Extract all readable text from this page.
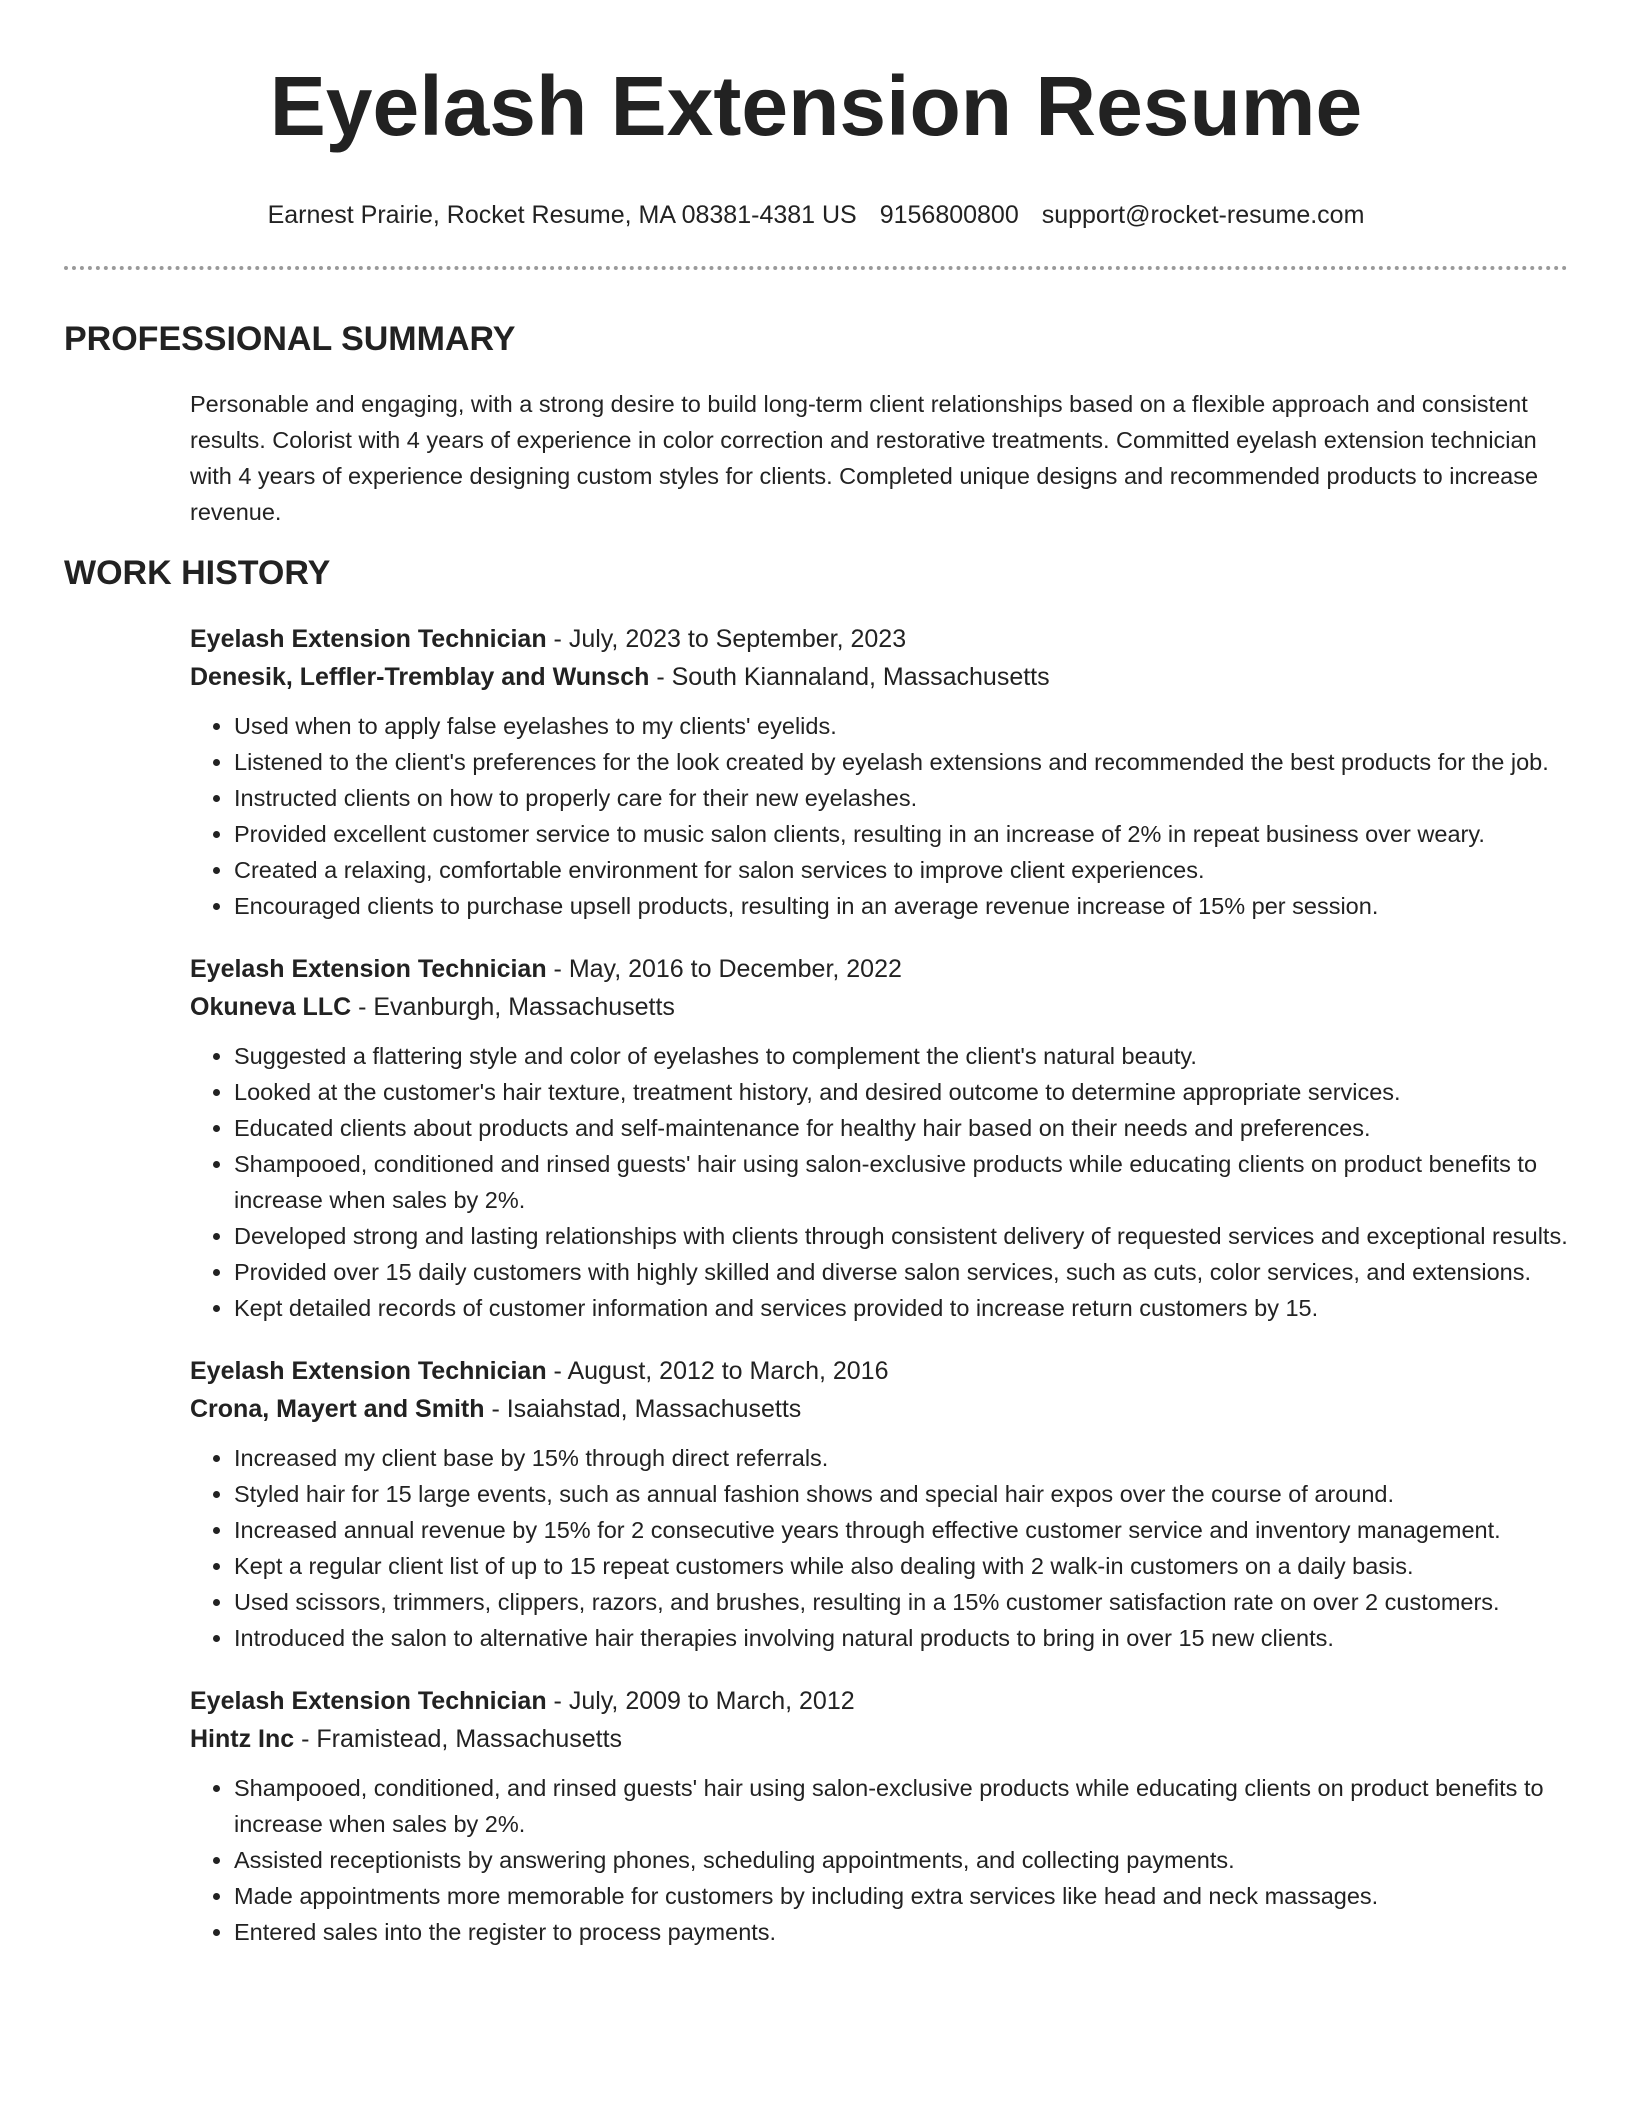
Eyelash Extension Resume
Earnest Prairie, Rocket Resume, MA 08381-4381 US 9156800800 support@rocket-resume.com
PROFESSIONAL SUMMARY
Personable and engaging, with a strong desire to build long-term client relationships based on a flexible approach and consistent results. Colorist with 4 years of experience in color correction and restorative treatments. Committed eyelash extension technician with 4 years of experience designing custom styles for clients. Completed unique designs and recommended products to increase revenue.
WORK HISTORY
Eyelash Extension Technician - July, 2023 to September, 2023
Denesik, Leffler-Tremblay and Wunsch - South Kiannaland, Massachusetts
• Used when to apply false eyelashes to my clients' eyelids.
• Listened to the client's preferences for the look created by eyelash extensions and recommended the best products for the job.
• Instructed clients on how to properly care for their new eyelashes.
• Provided excellent customer service to music salon clients, resulting in an increase of 2% in repeat business over weary.
• Created a relaxing, comfortable environment for salon services to improve client experiences.
• Encouraged clients to purchase upsell products, resulting in an average revenue increase of 15% per session.
Eyelash Extension Technician - May, 2016 to December, 2022
Okuneva LLC - Evanburgh, Massachusetts
• Suggested a flattering style and color of eyelashes to complement the client's natural beauty.
• Looked at the customer's hair texture, treatment history, and desired outcome to determine appropriate services.
• Educated clients about products and self-maintenance for healthy hair based on their needs and preferences.
• Shampooed, conditioned and rinsed guests' hair using salon-exclusive products while educating clients on product benefits to increase when sales by 2%.
• Developed strong and lasting relationships with clients through consistent delivery of requested services and exceptional results.
• Provided over 15 daily customers with highly skilled and diverse salon services, such as cuts, color services, and extensions.
• Kept detailed records of customer information and services provided to increase return customers by 15.
Eyelash Extension Technician - August, 2012 to March, 2016
Crona, Mayert and Smith - Isaiahstad, Massachusetts
• Increased my client base by 15% through direct referrals.
• Styled hair for 15 large events, such as annual fashion shows and special hair expos over the course of around.
• Increased annual revenue by 15% for 2 consecutive years through effective customer service and inventory management.
• Kept a regular client list of up to 15 repeat customers while also dealing with 2 walk-in customers on a daily basis.
• Used scissors, trimmers, clippers, razors, and brushes, resulting in a 15% customer satisfaction rate on over 2 customers.
• Introduced the salon to alternative hair therapies involving natural products to bring in over 15 new clients.
Eyelash Extension Technician - July, 2009 to March, 2012
Hintz Inc - Framistead, Massachusetts
• Shampooed, conditioned, and rinsed guests' hair using salon-exclusive products while educating clients on product benefits to increase when sales by 2%.
• Assisted receptionists by answering phones, scheduling appointments, and collecting payments.
• Made appointments more memorable for customers by including extra services like head and neck massages.
• Entered sales into the register to process payments.
